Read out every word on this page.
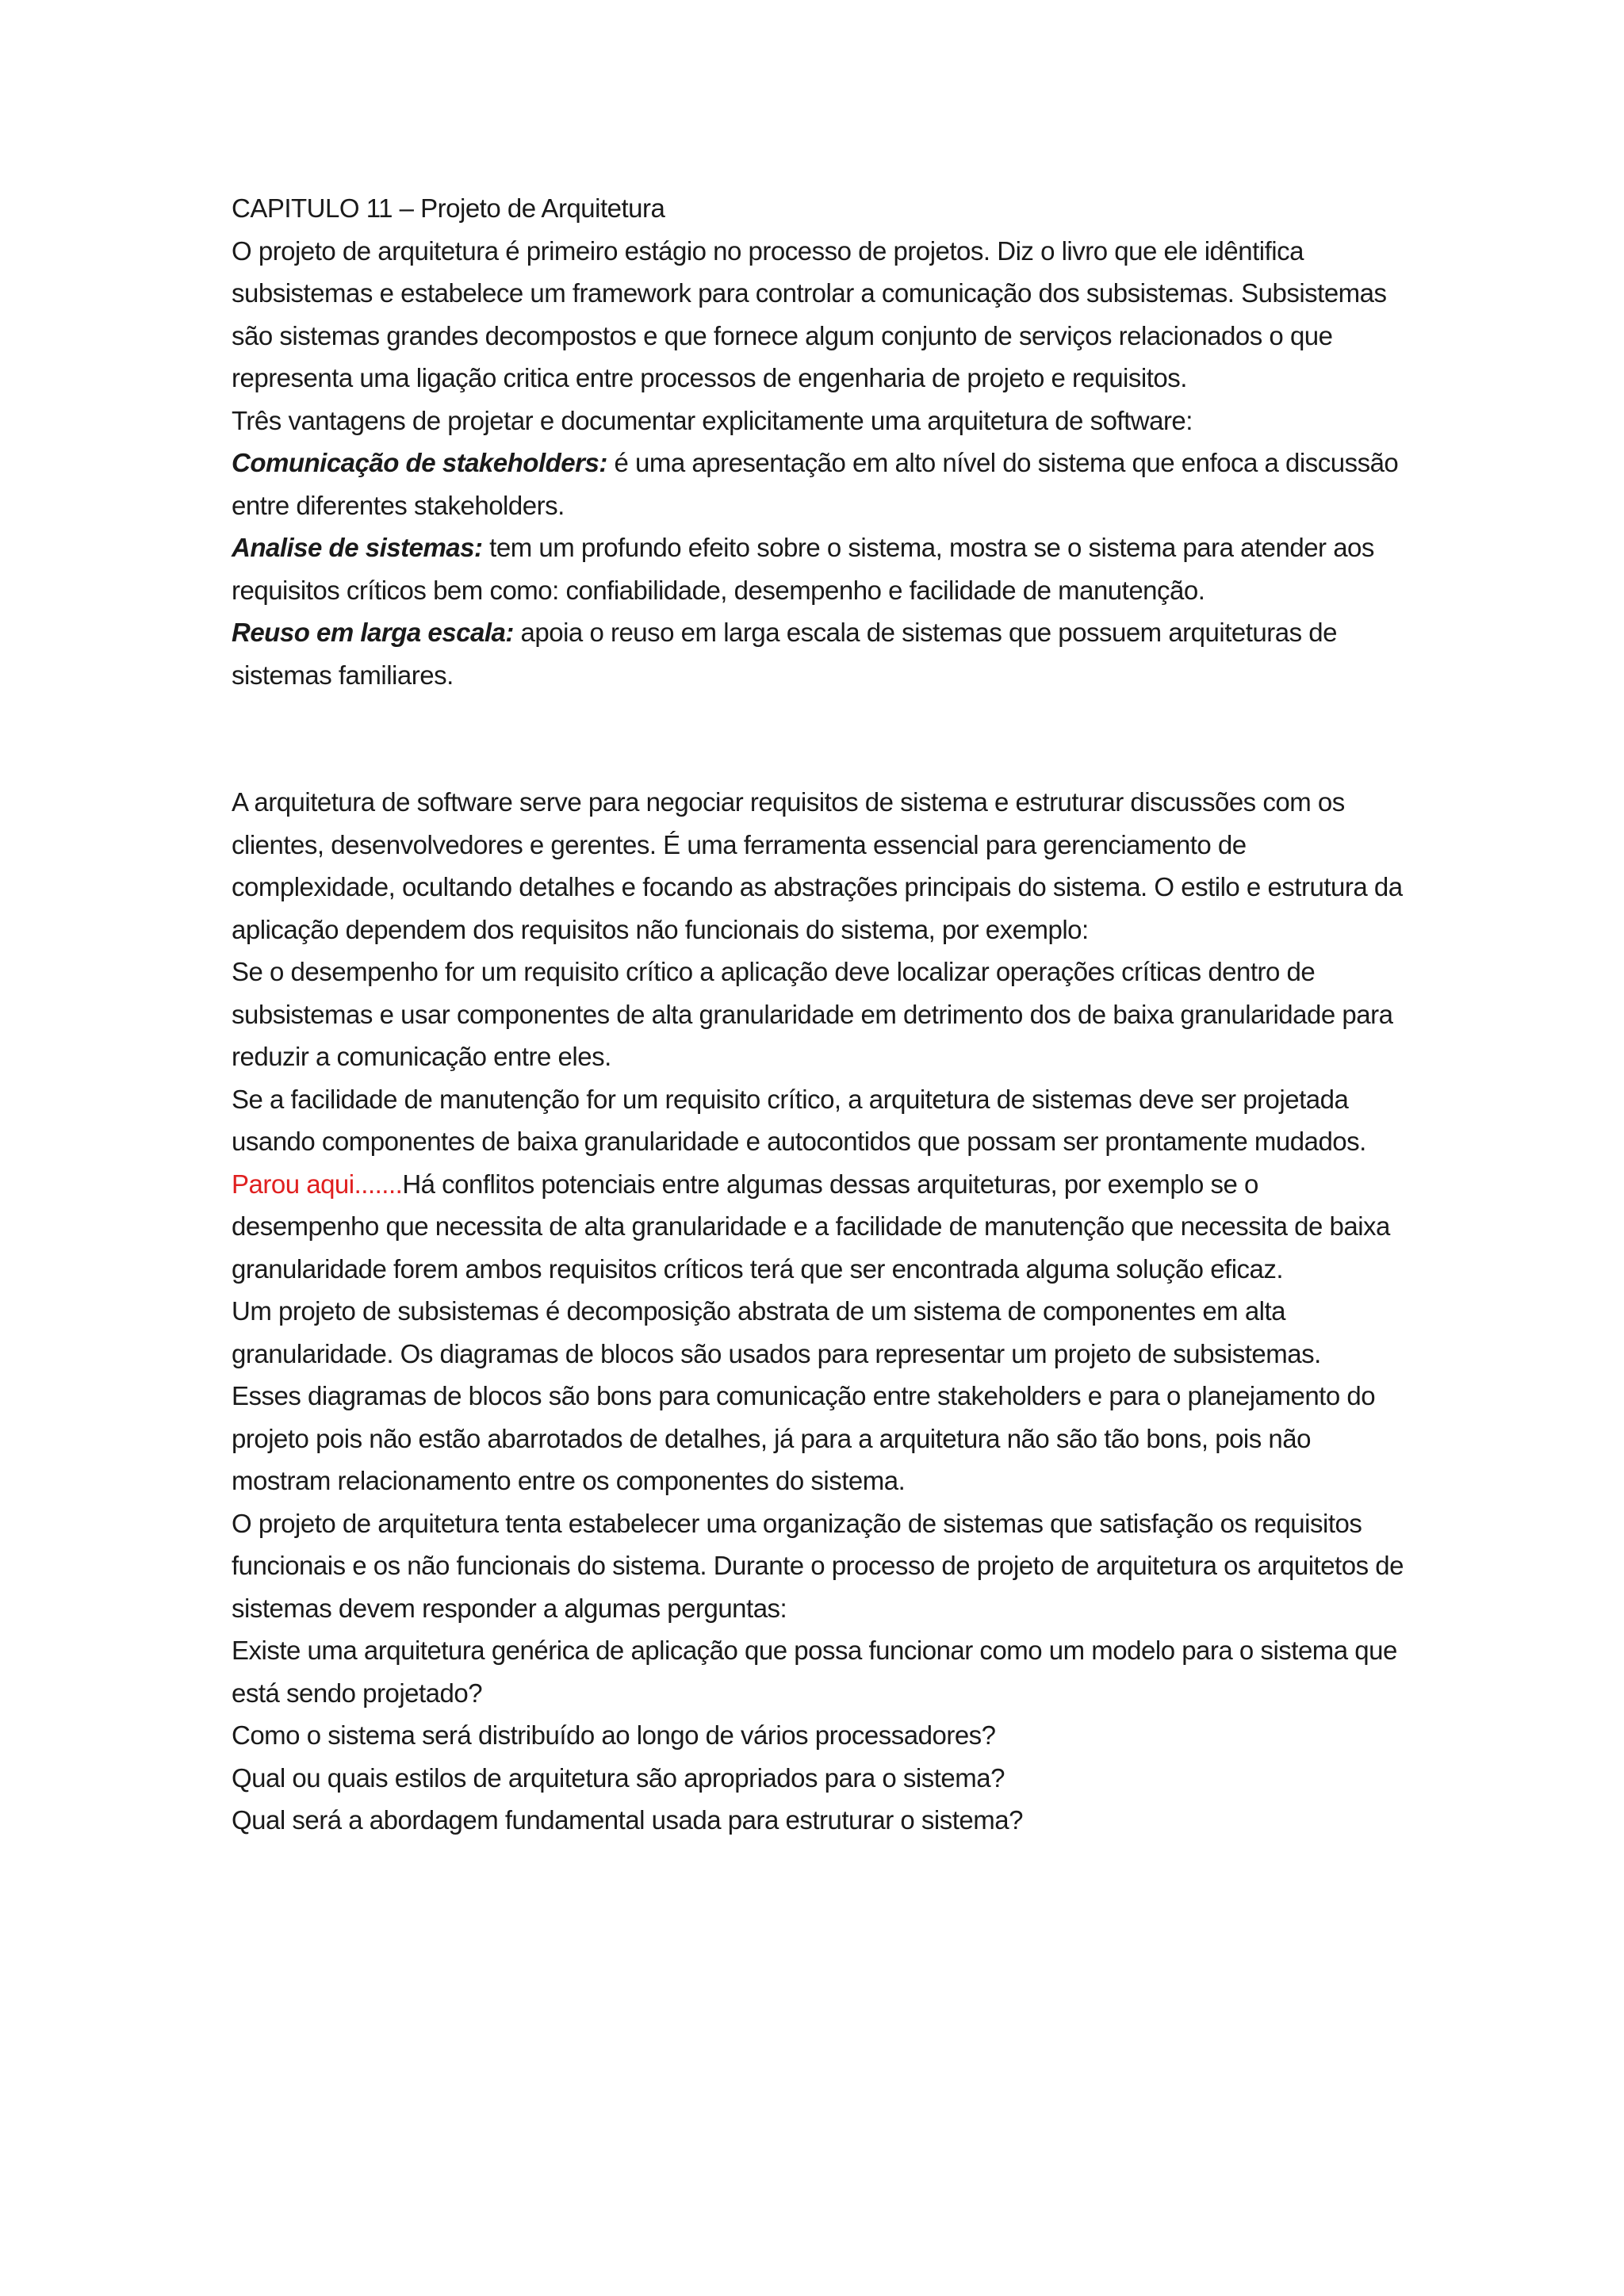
CAPITULO 11 – Projeto de Arquitetura

O projeto de arquitetura é primeiro estágio no processo de projetos. Diz o livro que ele idêntifica subsistemas e estabelece um framework para controlar a comunicação dos subsistemas. Subsistemas são sistemas grandes decompostos e que fornece algum conjunto de serviços relacionados o que representa uma ligação critica entre processos de engenharia de projeto e requisitos.

Três vantagens de projetar e documentar explicitamente uma arquitetura de software:

Comunicação de stakeholders: é uma apresentação em alto nível do sistema que enfoca a discussão entre diferentes stakeholders.

Analise de sistemas: tem um profundo efeito sobre o sistema, mostra se o sistema para atender aos requisitos críticos bem como: confiabilidade, desempenho e facilidade de manutenção.

Reuso em larga escala: apoia o reuso em larga escala de sistemas que possuem arquiteturas de sistemas familiares.

A arquitetura de software serve para negociar requisitos de sistema e estruturar discussões com os clientes, desenvolvedores e gerentes. É uma ferramenta essencial para gerenciamento de complexidade, ocultando detalhes e focando as abstrações principais do sistema. O estilo e estrutura da aplicação dependem dos requisitos não funcionais do sistema, por exemplo:

Se o desempenho for um requisito crítico a aplicação deve localizar operações críticas dentro de subsistemas e usar componentes de alta granularidade em detrimento dos de baixa granularidade para reduzir a comunicação entre eles.

Se a facilidade de manutenção for um requisito crítico, a arquitetura de sistemas deve ser projetada usando componentes de baixa granularidade e autocontidos que possam ser prontamente mudados.

Parou aqui.......Há conflitos potenciais entre algumas dessas arquiteturas, por exemplo se o desempenho que necessita de alta granularidade e a facilidade de manutenção que necessita de baixa granularidade forem ambos requisitos críticos terá que ser encontrada alguma solução eficaz.

Um projeto de subsistemas é decomposição abstrata de um sistema de componentes em alta granularidade. Os diagramas de blocos são usados para representar um projeto de subsistemas.

Esses diagramas de blocos são bons para comunicação entre stakeholders e para o planejamento do projeto pois não estão abarrotados de detalhes, já para a arquitetura não são tão bons, pois não mostram relacionamento entre os componentes do sistema.

O projeto de arquitetura tenta estabelecer uma organização de sistemas que satisfação os requisitos funcionais e os não funcionais do sistema. Durante o processo de projeto de arquitetura os arquitetos de sistemas devem responder a algumas perguntas:

Existe uma arquitetura genérica de aplicação que possa funcionar como um modelo para o sistema que está sendo projetado?

Como o sistema será distribuído ao longo de vários processadores?

Qual ou quais estilos de arquitetura são apropriados para o sistema?

Qual será a abordagem fundamental usada para estruturar o sistema?
